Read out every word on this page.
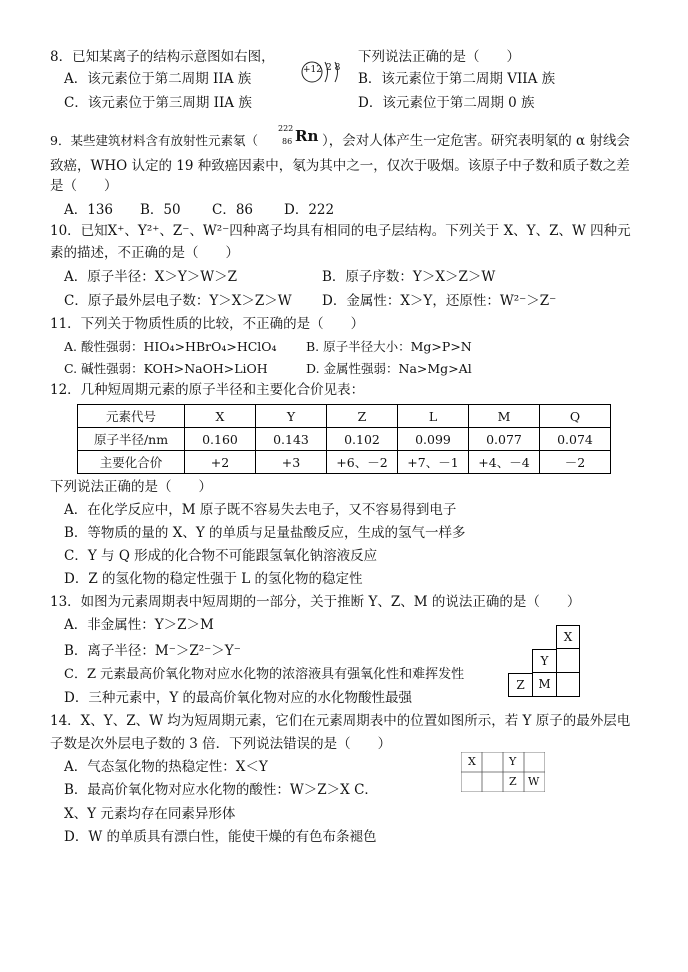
8．已知某离子的结构示意图如右图，	下列说法正确的是（　　）
+12 2 8
A．该元素位于第二周期 IIA 族	B．该元素位于第二周期 VIIA 族
C．该元素位于第三周期 IIA 族	D．该元素位于第二周期 0 族
9．某些建筑材料含有放射性元素氡（
222
86 Rn ），会对人体产生一定危害。研究表明氡的 α 射线会
致癌，WHO 认定的 19 种致癌因素中，氡为其中之一，仅次于吸烟。该原子中子数和质子数之差
是（　　）
A．136 B．50 C．86 D．222
10．已知X⁺、Y²⁺、Z⁻、W²⁻四种离子均具有相同的电子层结构。下列关于 X、Y、Z、W 四种元
素的描述，不正确的是（　　）
A．原子半径：X＞Y＞W＞Z	B．原子序数：Y＞X＞Z＞W
C．原子最外层电子数：Y＞X＞Z＞W D．金属性：X＞Y，还原性：W²⁻＞Z⁻
11．下列关于物质性质的比较，不正确的是（　　）
A. 酸性强弱：HIO₄>HBrO₄>HClO₄ B. 原子半径大小：Mg>P>N
C. 碱性强弱：KOH>NaOH>LiOH	D. 金属性强弱：Na>Mg>Al
12．几种短周期元素的原子半径和主要化合价见表：
元素代号	X	Y	Z	L	M	Q
原子半径/nm	0.160	0.143	0.102	0.099	0.077	0.074
主要化合价	+2	+3	+6、－2	+7、－1	+4、－4	－2
下列说法正确的是（　　）
A．在化学反应中，M 原子既不容易失去电子，又不容易得到电子
B．等物质的量的 X、Y 的单质与足量盐酸反应，生成的氢气一样多
C．Y 与 Q 形成的化合物不可能跟氢氧化钠溶液反应
D．Z 的氢化物的稳定性强于 L 的氢化物的稳定性
13．如图为元素周期表中短周期的一部分，关于推断 Y、Z、M 的说法正确的是（　　）
A．非金属性：Y＞Z＞M
B．离子半径：M⁻＞Z²⁻＞Y⁻
C．Z 元素最高价氧化物对应水化物的浓溶液具有强氧化性和难挥发性
D．三种元素中，Y 的最高价氧化物对应的水化物酸性最强
X
Y
Z	M
14．X、Y、Z、W 均为短周期元素，它们在元素周期表中的位置如图所示，若 Y 原子的最外层电
子数是次外层电子数的 3 倍．下列说法错误的是（　　）
A．气态氢化物的热稳定性：X＜Y
B．最高价氧化物对应水化物的酸性：W＞Z＞X C．
X、Y 元素均存在同素异形体
D．W 的单质具有漂白性，能使干燥的有色布条褪色
X	Y
Z W
